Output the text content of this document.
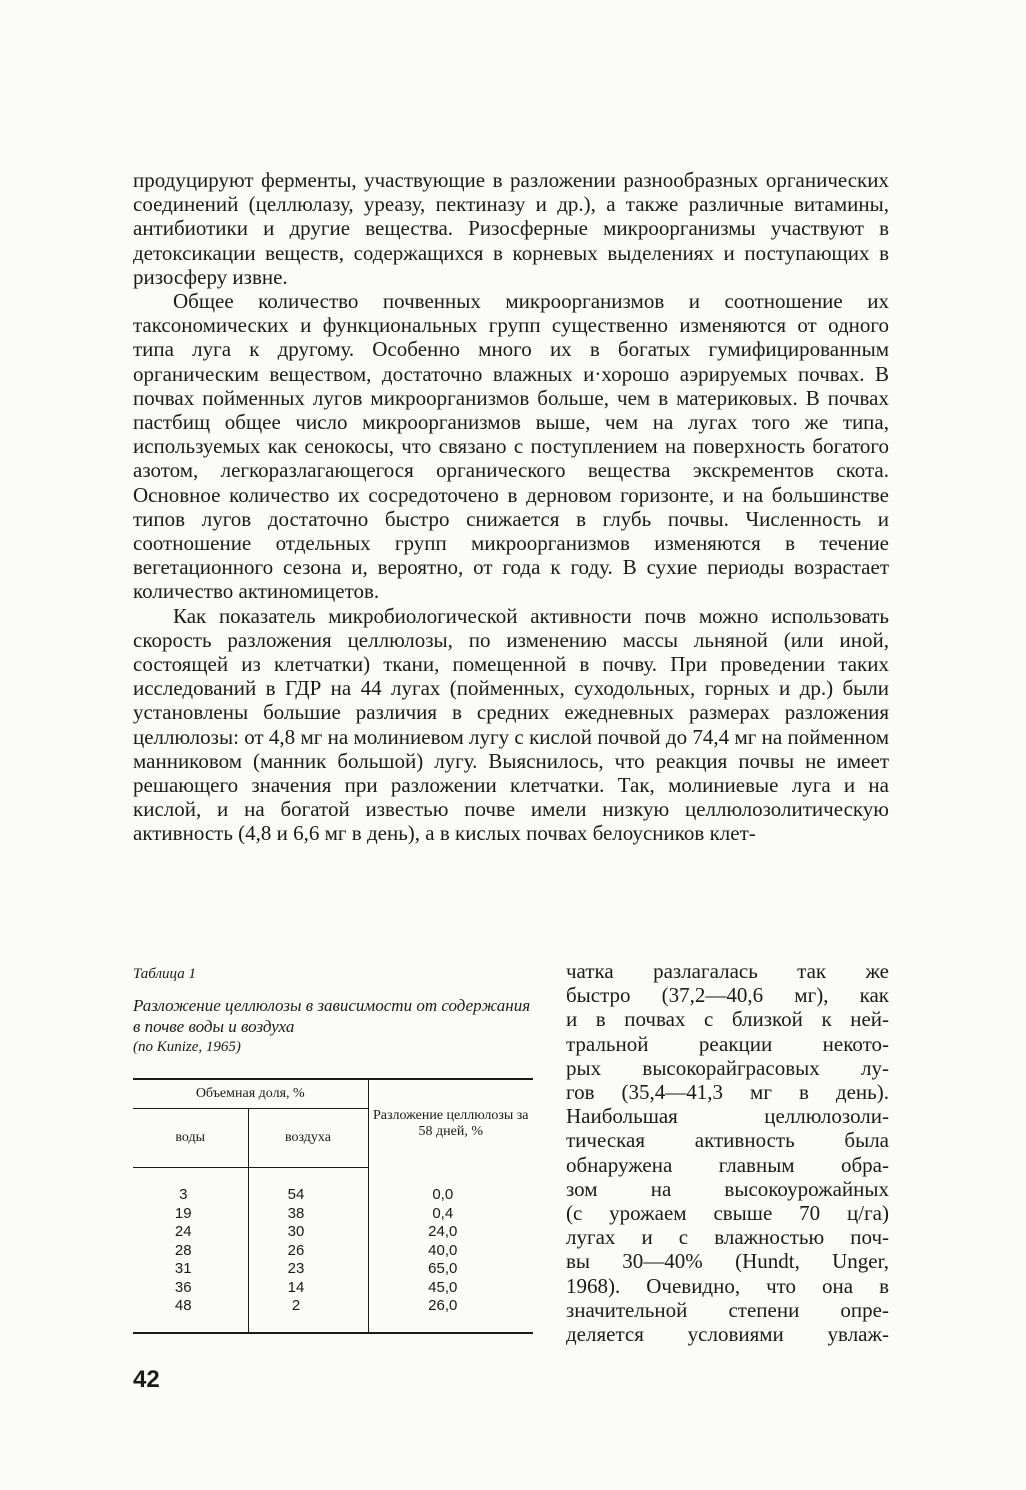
продуцируют ферменты, участвующие в разложении разнообразных органических соединений (целлюлазу, уреазу, пектиназу и др.), а также различные витамины, антибиотики и другие вещества. Ризосферные микроорганизмы участвуют в детоксикации веществ, содержащихся в корневых выделениях и поступающих в ризосферу извне.

Общее количество почвенных микроорганизмов и соотношение их таксономических и функциональных групп существенно изменяются от одного типа луга к другому. Особенно много их в богатых гумифицированным органическим веществом, достаточно влажных и·хорошо аэрируемых почвах. В почвах пойменных лугов микроорганизмов больше, чем в материковых. В почвах пастбищ общее число микроорганизмов выше, чем на лугах того же типа, используемых как сенокосы, что связано с поступлением на поверхность богатого азотом, легкоразлагающегося органического вещества экскрементов скота. Основное количество их сосредоточено в дерновом горизонте, и на большинстве типов лугов достаточно быстро снижается в глубь почвы. Численность и соотношение отдельных групп микроорганизмов изменяются в течение вегетационного сезона и, вероятно, от года к году. В сухие периоды возрастает количество актиномицетов.

Как показатель микробиологической активности почв можно использовать скорость разложения целлюлозы, по изменению массы льняной (или иной, состоящей из клетчатки) ткани, помещенной в почву. При проведении таких исследований в ГДР на 44 лугах (пойменных, суходольных, горных и др.) были установлены большие различия в средних ежедневных размерах разложения целлюлозы: от 4,8 мг на молиниевом лугу с кислой почвой до 74,4 мг на пойменном манниковом (манник большой) лугу. Выяснилось, что реакция почвы не имеет решающего значения при разложении клетчатки. Так, молиниевые луга и на кислой, и на богатой известью почве имели низкую целлюлозолитическую активность (4,8 и 6,6 мг в день), а в кислых почвах белоусников клет-

Таблица 1

Разложение целлюлозы в зависимости от содержания в почве воды и воздуха

(по Kunize, 1965)

Объемная доля, %		Разложение целлюлозы за 58 дней, %
воды	воздуха	
3	54	0,0
19	38	0,4
24	30	24,0
28	26	40,0
31	23	65,0
36	14	45,0
48	2	26,0
чатка разлагалась так же
быстро (37,2—40,6 мг), как
и в почвах с близкой к ней-
тральной реакции некото-
рых высокорайграсовых лу-
гов (35,4—41,3 мг в день).
Наибольшая целлюлозоли-
тическая активность была
обнаружена главным обра-
зом на высокоурожайных
(с урожаем свыше 70 ц/га)
лугах и с влажностью поч-
вы 30—40% (Hundt, Unger,
1968). Очевидно, что она в
значительной степени опре-
деляется условиями увлаж-
42
